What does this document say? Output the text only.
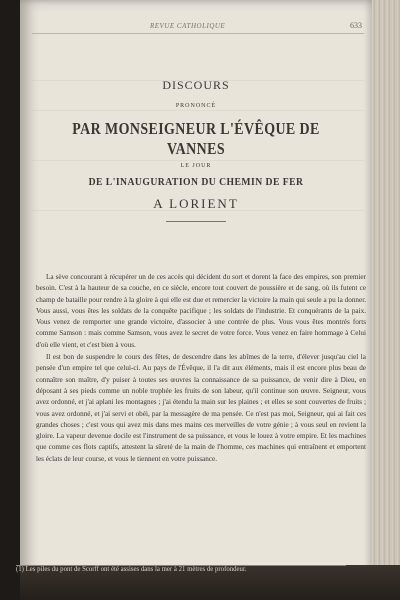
REVUE CATHOLIQUE	633
DISCOURS
PRONONCÉ
PAR MONSEIGNEUR L'ÉVÊQUE DE VANNES
LE JOUR
DE L'INAUGURATION DU CHEMIN DE FER
A LORIENT

La sève concourant à récupérer un de ces accès qui décident du sort et dorent la face des empires, son premier besoin. C'est à la hauteur de sa couche, en ce siècle, encore tout couvert de poussière et de sang, où ils futent ce champ de bataille pour rendre à la gloire à qui elle est due et remercier la victoire la main qui seule a pu la donner. Vous aussi, vous êtes les soldats de la conquête pacifique ; les soldats de l'industrie. Et conquérants de la paix. Vous venez de remporter une grande victoire, d'associer à une contrée de plus. Vous vous êtes montrés forts comme Samson : mais comme Samson, vous avez le secret de votre force. Vous venez en faire hommage à Celui d'où elle vient, et c'est bien à vous.

Il est bon de suspendre le cours des fêtes, de descendre dans les abîmes de la terre, d'élever jusqu'au ciel la pensée d'un empire tel que celui-ci. Au pays de l'Évêque, il l'a dit aux éléments, mais il est encore plus beau de connaître son maître, d'y puiser à toutes ses œuvres la connaissance de sa puissance, de venir dire à Dieu, en déposant à ses pieds comme un noble trophée les fruits de son labeur, qu'il continue son œuvre. Seigneur, vous avez ordonné, et j'ai aplani les montagnes ; j'ai étendu la main sur les plaines ; et elles se sont couvertes de fruits ; vous avez ordonné, et j'ai servi et obéi, par la messagère de ma pensée. Ce n'est pas moi, Seigneur, qui ai fait ces grandes choses ; c'est vous qui avez mis dans mes mains ces merveilles de votre génie ; à vous seul en revient la gloire. La vapeur devenue docile est l'instrument de sa puissance, et vous le louez à votre empire. Et les machines que comme ces flots captifs, attestent la sûreté de la main de l'homme, ces machines qui entraînent et emportent les éclats de leur course, et vous le tiennent en votre puissance.

(1) Les piles du pont de Scorff ont été assises dans la mer à 21 mètres de profondeur.
